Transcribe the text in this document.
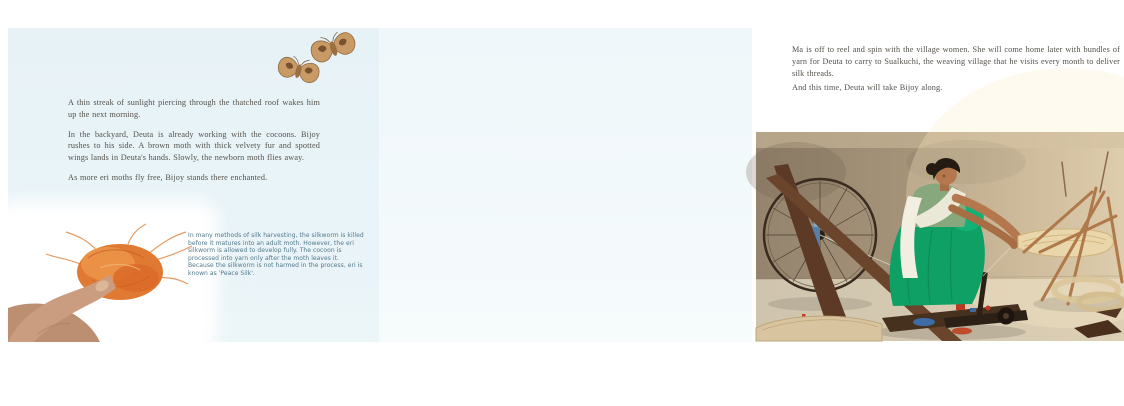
A thin streak of sunlight piercing through the thatched roof wakes him up the next morning.

In the backyard, Deuta is already working with the cocoons. Bijoy rushes to his side. A brown moth with thick velvety fur and spotted wings lands in Deuta's hands. Slowly, the newborn moth flies away.

As more eri moths fly free, Bijoy stands there enchanted.

In many methods of silk harvesting, the silkworm is killed before it matures into an adult moth. However, the eri silkworm is allowed to develop fully. The cocoon is processed into yarn only after the moth leaves it. Because the silkworm is not harmed in the process, eri is known as 'Peace Silk'.

Ma is off to reel and spin with the village women. She will come home later with bundles of yarn for Deuta to carry to Sualkuchi, the weaving village that he visits every month to deliver silk threads.

And this time, Deuta will take Bijoy along.
